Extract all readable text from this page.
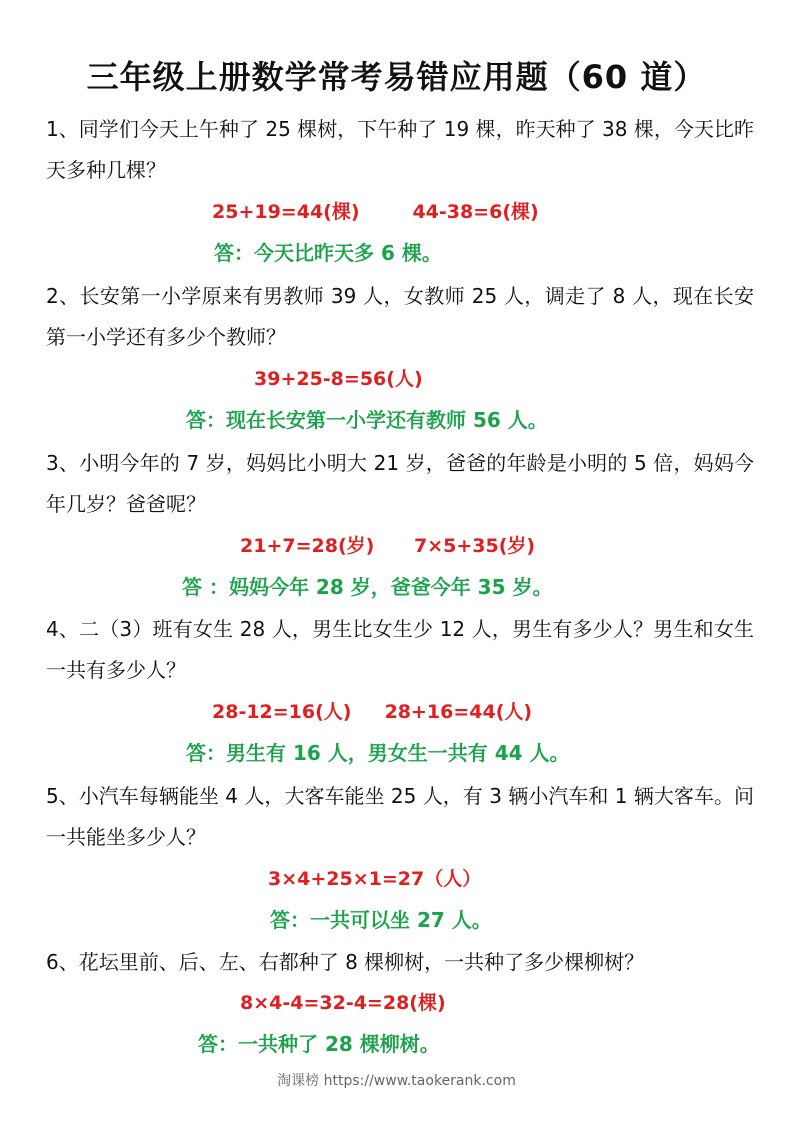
三年级上册数学常考易错应用题（60 道）
1、同学们今天上午种了 25 棵树，下午种了 19 棵，昨天种了 38 棵，今天比昨天多种几棵？
25+19=44(棵)        44-38=6(棵)
答：今天比昨天多 6 棵。
2、长安第一小学原来有男教师 39 人，女教师 25 人，调走了 8 人，现在长安第一小学还有多少个教师？
39+25-8=56(人)
答：现在长安第一小学还有教师 56 人。
3、小明今年的 7 岁，妈妈比小明大 21 岁，爸爸的年龄是小明的 5 倍，妈妈今年几岁？爸爸呢？
21+7=28(岁)      7×5+35(岁)
答 ：妈妈今年 28 岁，爸爸今年 35 岁。
4、二（3）班有女生 28 人，男生比女生少 12 人，男生有多少人？男生和女生一共有多少人？
28-12=16(人)     28+16=44(人)
答：男生有 16 人，男女生一共有 44 人。
5、小汽车每辆能坐 4 人，大客车能坐 25 人，有 3 辆小汽车和 1 辆大客车。问一共能坐多少人？
3×4+25×1=27（人）
答：一共可以坐 27 人。
6、花坛里前、后、左、右都种了 8 棵柳树，一共种了多少棵柳树？
8×4-4=32-4=28(棵)
答：一共种了 28 棵柳树。
淘课榜 https://www.taokerank.com
